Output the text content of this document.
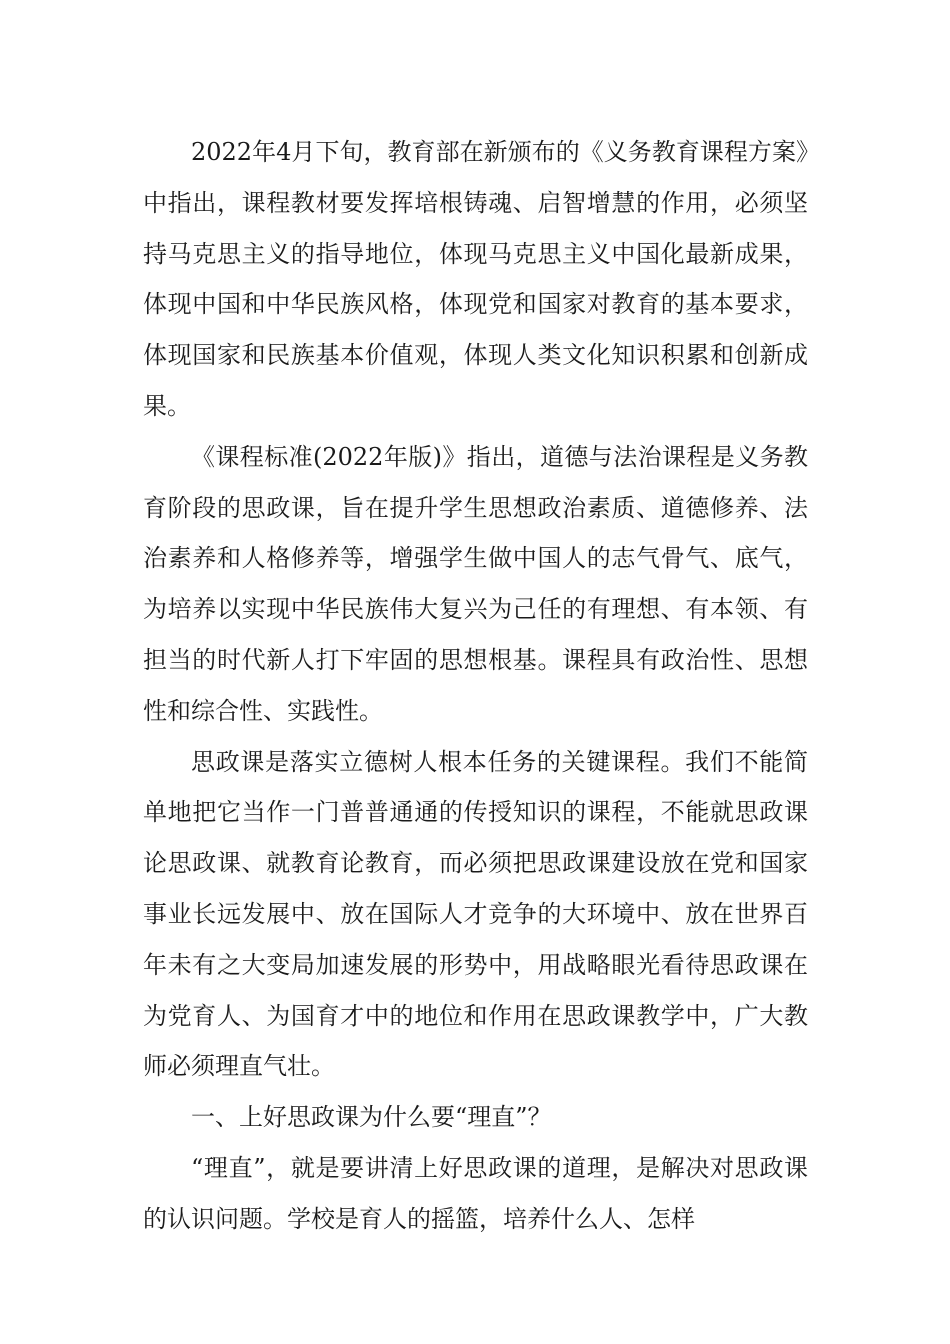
2022年4月下旬，教育部在新颁布的《义务教育课程方案》中指出，课程教材要发挥培根铸魂、启智增慧的作用，必须坚持马克思主义的指导地位，体现马克思主义中国化最新成果，体现中国和中华民族风格，体现党和国家对教育的基本要求，体现国家和民族基本价值观，体现人类文化知识积累和创新成果。

《课程标准(2022年版)》指出，道德与法治课程是义务教育阶段的思政课，旨在提升学生思想政治素质、道德修养、法治素养和人格修养等，增强学生做中国人的志气骨气、底气，为培养以实现中华民族伟大复兴为己任的有理想、有本领、有担当的时代新人打下牢固的思想根基。课程具有政治性、思想性和综合性、实践性。

思政课是落实立德树人根本任务的关键课程。我们不能简单地把它当作一门普普通通的传授知识的课程，不能就思政课论思政课、就教育论教育，而必须把思政课建设放在党和国家事业长远发展中、放在国际人才竞争的大环境中、放在世界百年未有之大变局加速发展的形势中，用战略眼光看待思政课在为党育人、为国育才中的地位和作用在思政课教学中，广大教师必须理直气壮。

一、上好思政课为什么要“理直”？

“理直”，就是要讲清上好思政课的道理，是解决对思政课的认识问题。学校是育人的摇篮，培养什么人、怎样
